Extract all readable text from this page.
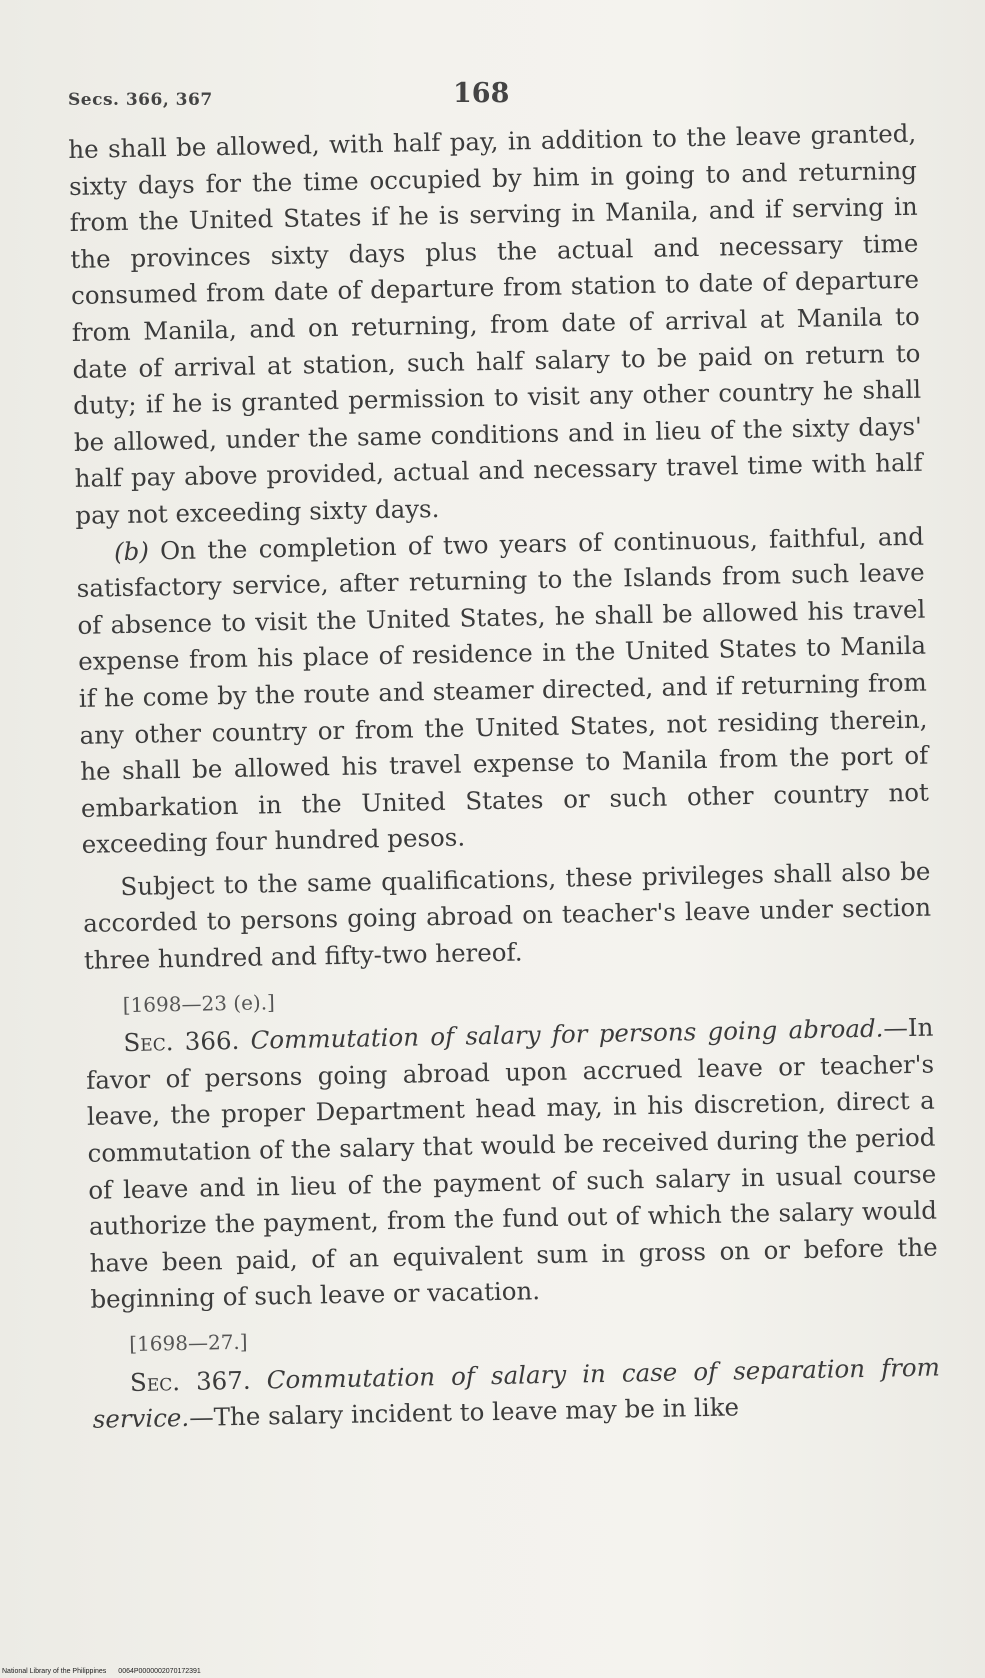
Secs. 366, 367	168

he shall be allowed, with half pay, in addition to the leave granted, sixty days for the time occupied by him in going to and returning from the United States if he is serving in Manila, and if serving in the provinces sixty days plus the actual and necessary time consumed from date of departure from station to date of departure from Manila, and on returning, from date of arrival at Manila to date of arrival at station, such half salary to be paid on return to duty; if he is granted permission to visit any other country he shall be allowed, under the same conditions and in lieu of the sixty days' half pay above provided, actual and necessary travel time with half pay not exceeding sixty days.

(b) On the completion of two years of continuous, faithful, and satisfactory service, after returning to the Islands from such leave of absence to visit the United States, he shall be allowed his travel expense from his place of residence in the United States to Manila if he come by the route and steamer directed, and if returning from any other country or from the United States, not residing therein, he shall be allowed his travel expense to Manila from the port of embarkation in the United States or such other country not exceeding four hundred pesos.

Subject to the same qualifications, these privileges shall also be accorded to persons going abroad on teacher's leave under section three hundred and fifty-two hereof.

[1698—23 (e).]

Sec. 366. Commutation of salary for persons going abroad.—In favor of persons going abroad upon accrued leave or teacher's leave, the proper Department head may, in his discretion, direct a commutation of the salary that would be received during the period of leave and in lieu of the payment of such salary in usual course authorize the payment, from the fund out of which the salary would have been paid, of an equivalent sum in gross on or before the beginning of such leave or vacation.

[1698—27.]

Sec. 367. Commutation of salary in case of separation from service.—The salary incident to leave may be in like

National Library of the Philippines 0064P0000002070172391
